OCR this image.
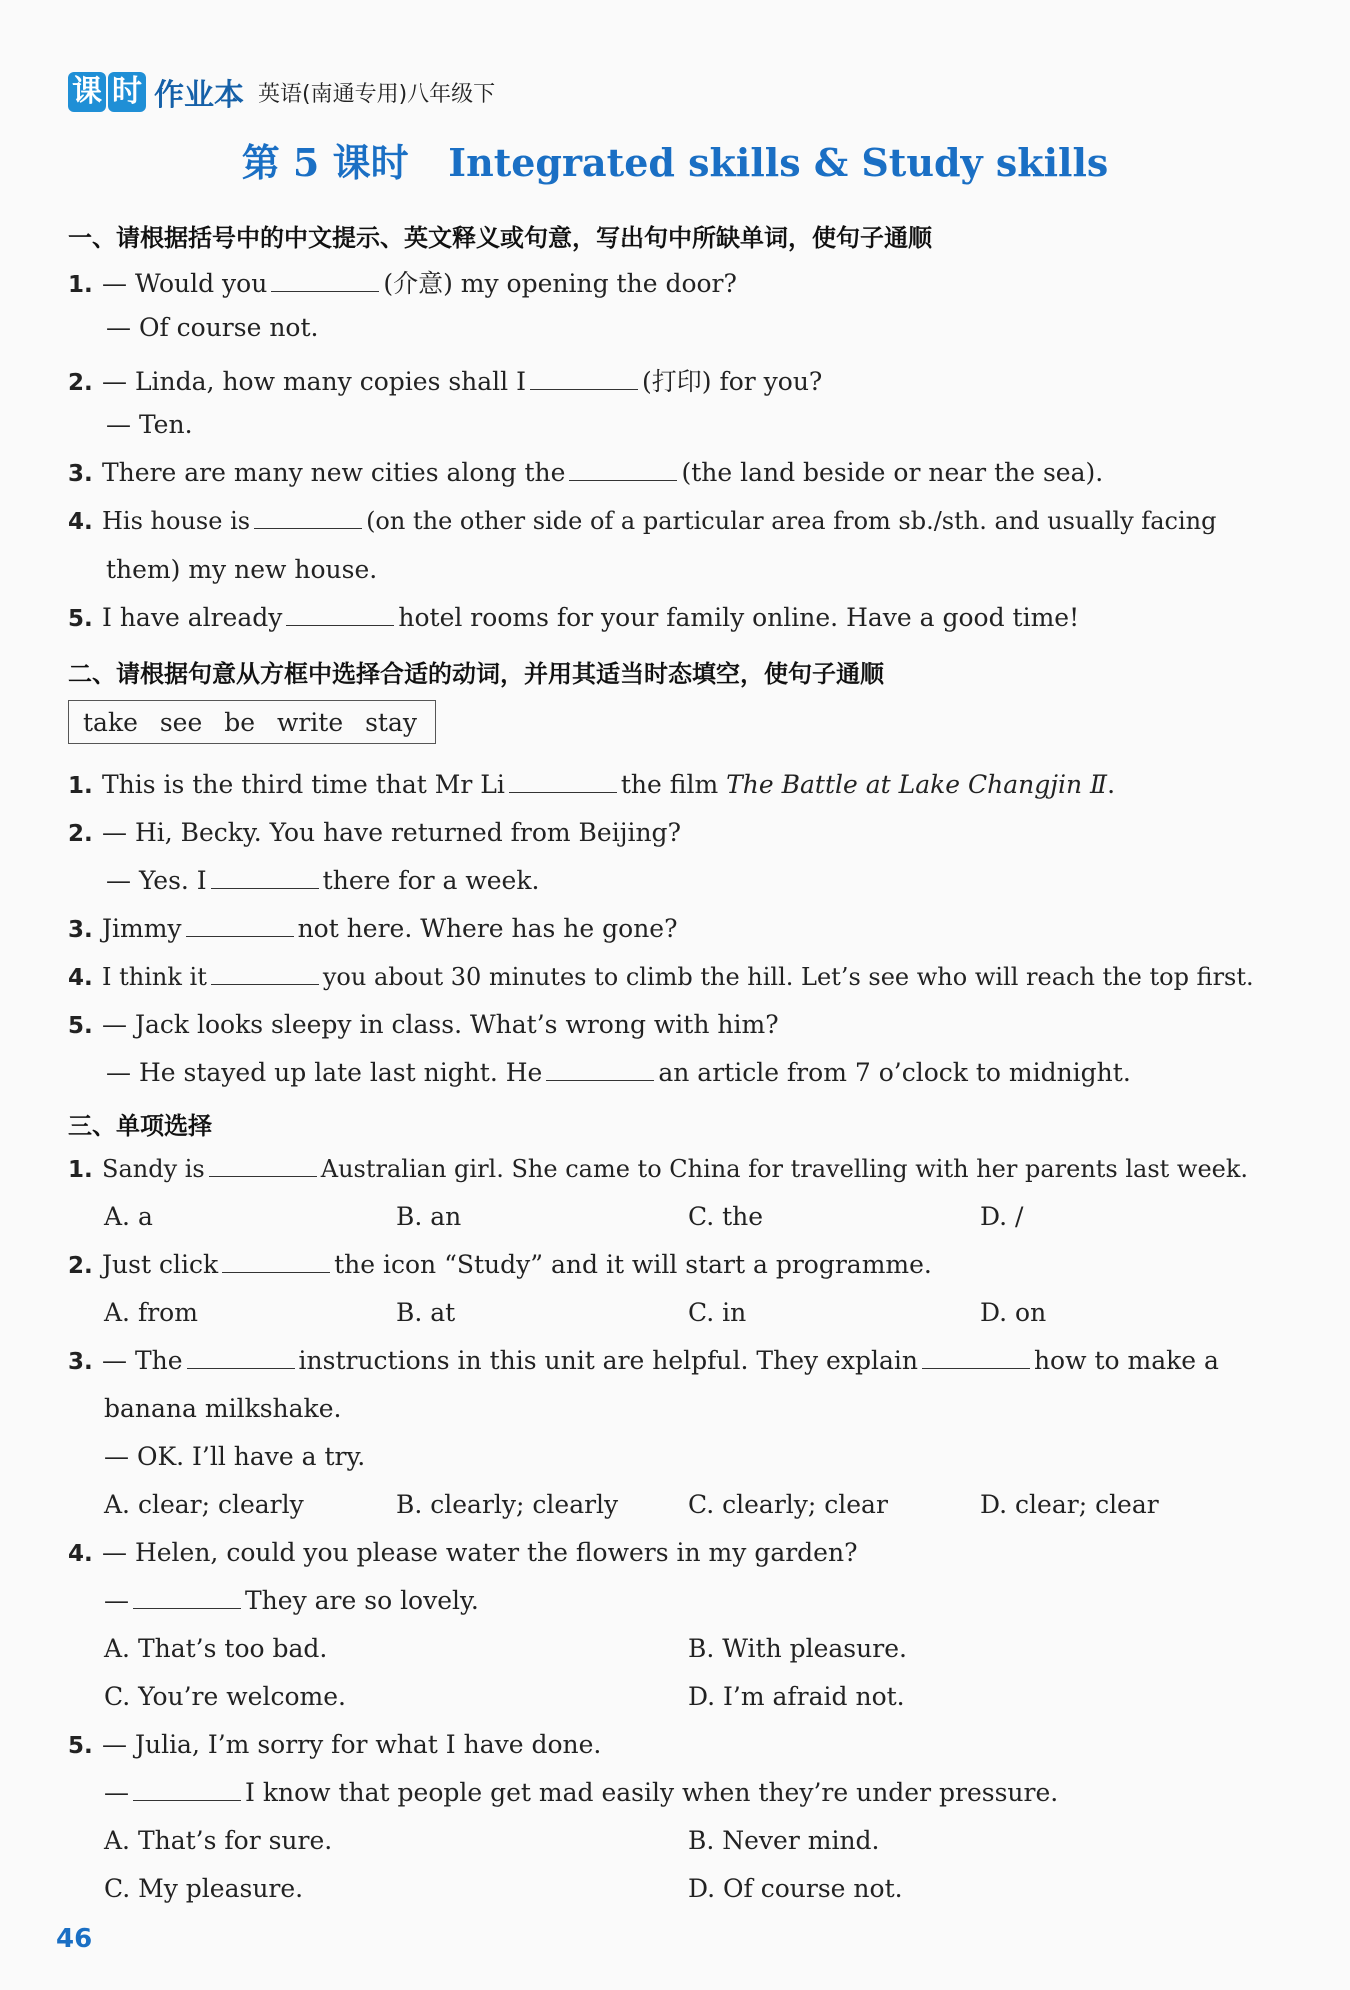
课 时 作业本 英语(南通专用)八年级下
第 5 课时   Integrated skills & Study skills
一、请根据括号中的中文提示、英文释义或句意，写出句中所缺单词，使句子通顺
1. — Would you	(介意) my opening the door?
— Of course not.
2. — Linda, how many copies shall I	(打印) for you?
— Ten.
3. There are many new cities along the	(the land beside or near the sea).
4. His house is	(on the other side of a particular area from sb./sth. and usually facing
them) my new house.
5. I have already	hotel rooms for your family online. Have a good time!
二、请根据句意从方框中选择合适的动词，并用其适当时态填空，使句子通顺
take see be write stay
1. This is the third time that Mr Li	the film The Battle at Lake Changjin Ⅱ.
2. — Hi, Becky. You have returned from Beijing?
— Yes. I	there for a week.
3. Jimmy	not here. Where has he gone?
4. I think it	you about 30 minutes to climb the hill. Let’s see who will reach the top first.
5. — Jack looks sleepy in class. What’s wrong with him?
— He stayed up late last night. He	an article from 7 o’clock to midnight.
三、单项选择
1. Sandy is	Australian girl. She came to China for travelling with her parents last week.
A. a	B. an	C. the	D. /
2. Just click	the icon “Study” and it will start a programme.
A. from	B. at	C. in	D. on
3. — The	instructions in this unit are helpful. They explain	how to make a
banana milkshake.
— OK. I’ll have a try.
A. clear; clearly	B. clearly; clearly	C. clearly; clear	D. clear; clear
4. — Helen, could you please water the flowers in my garden?
—	They are so lovely.
A. That’s too bad.	B. With pleasure.
C. You’re welcome.	D. I’m afraid not.
5. — Julia, I’m sorry for what I have done.
—	I know that people get mad easily when they’re under pressure.
A. That’s for sure.	B. Never mind.
C. My pleasure.	D. Of course not.
46
